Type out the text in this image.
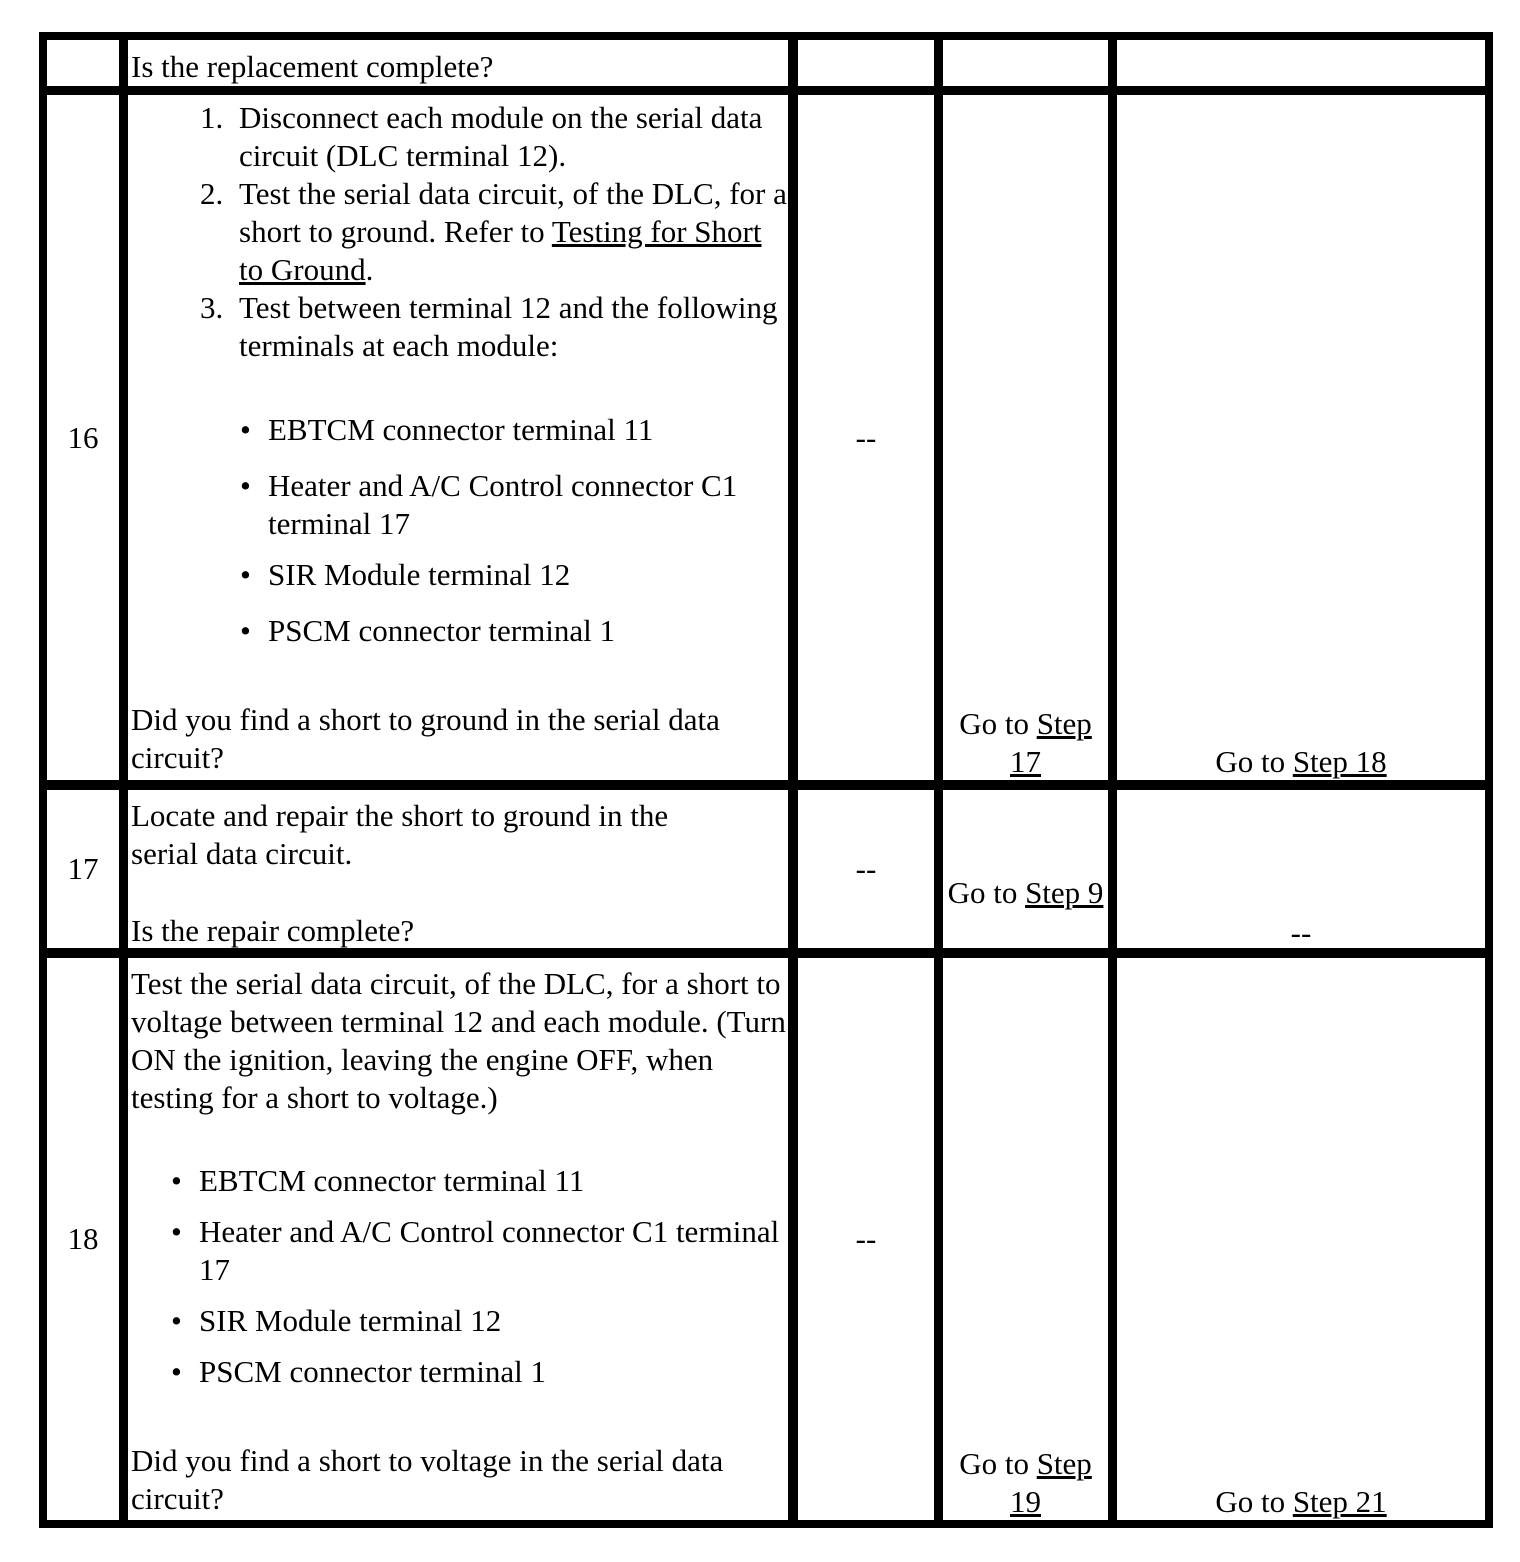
Is the replacement complete?
16
1. Disconnect each module on the serial data circuit (DLC terminal 12).
2. Test the serial data circuit, of the DLC, for a short to ground. Refer to Testing for Short to Ground.
3. Test between terminal 12 and the following terminals at each module:
• EBTCM connector terminal 11
• Heater and A/C Control connector C1 terminal 17
• SIR Module terminal 12
• PSCM connector terminal 1
Did you find a short to ground in the serial data circuit?
--
Go to Step 17	Go to Step 18
17
Locate and repair the short to ground in the serial data circuit.
Is the repair complete?
--
Go to Step 9
--
18
Test the serial data circuit, of the DLC, for a short to voltage between terminal 12 and each module. (Turn ON the ignition, leaving the engine OFF, when testing for a short to voltage.)
• EBTCM connector terminal 11
• Heater and A/C Control connector C1 terminal 17
• SIR Module terminal 12
• PSCM connector terminal 1
Did you find a short to voltage in the serial data circuit?
--
Go to Step 19	Go to Step 21
